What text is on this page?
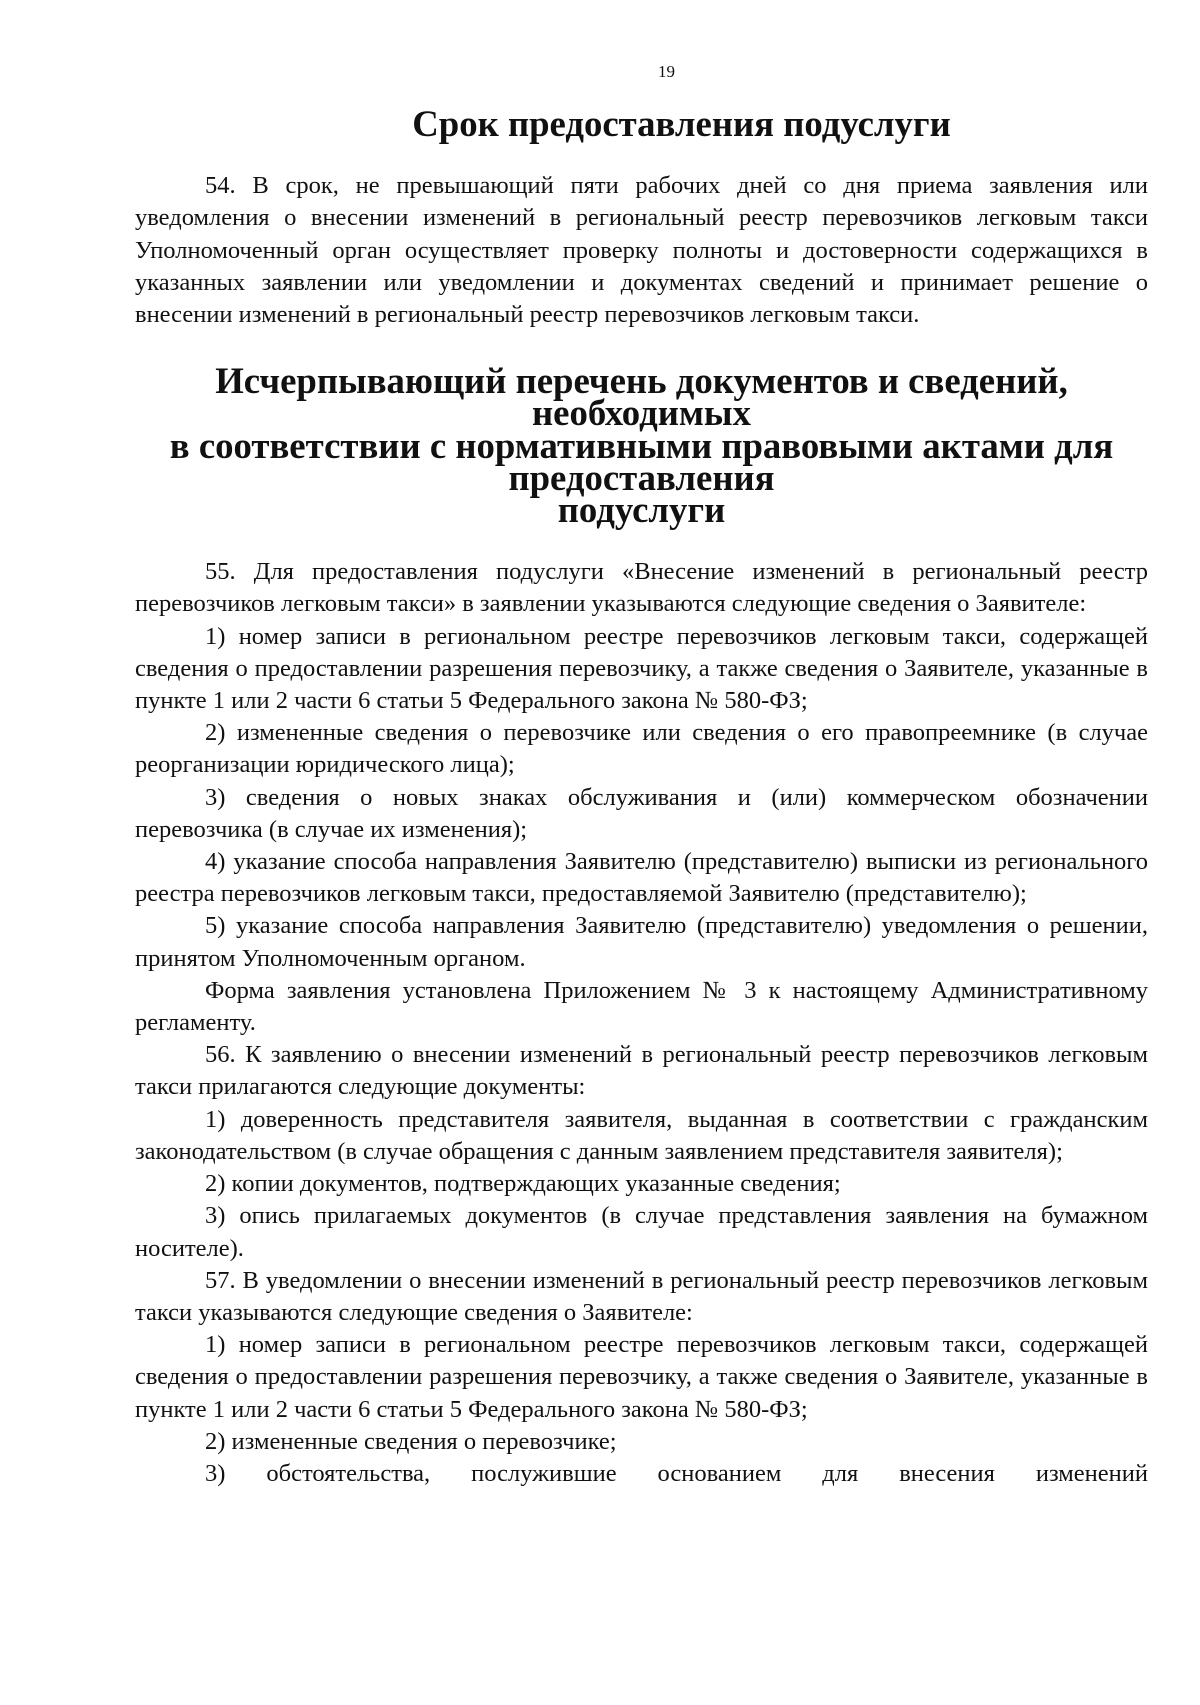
19
Срок предоставления подуслуги

54. В срок, не превышающий пяти рабочих дней со дня приема заявления или уведомления о внесении изменений в региональный реестр перевозчиков легковым такси Уполномоченный орган осуществляет проверку полноты и достоверности содержащихся в указанных заявлении или уведомлении и документах сведений и принимает решение о внесении изменений в региональный реестр перевозчиков легковым такси.

Исчерпывающий перечень документов и сведений, необходимых
в соответствии с нормативными правовыми актами для предоставления
подуслуги

55. Для предоставления подуслуги «Внесение изменений в региональный реестр перевозчиков легковым такси» в заявлении указываются следующие сведения о Заявителе:

1) номер записи в региональном реестре перевозчиков легковым такси, содержащей сведения о предоставлении разрешения перевозчику, а также сведения о Заявителе, указанные в пункте 1 или 2 части 6 статьи 5 Федерального закона № 580-ФЗ;

2) измененные сведения о перевозчике или сведения о его правопреемнике (в случае реорганизации юридического лица);

3) сведения о новых знаках обслуживания и (или) коммерческом обозначении перевозчика (в случае их изменения);

4) указание способа направления Заявителю (представителю) выписки из регионального реестра перевозчиков легковым такси, предоставляемой Заявителю (представителю);

5) указание способа направления Заявителю (представителю) уведомления о решении, принятом Уполномоченным органом.

Форма заявления установлена Приложением № 3 к настоящему Административному регламенту.

56. К заявлению о внесении изменений в региональный реестр перевозчиков легковым такси прилагаются следующие документы:

1) доверенность представителя заявителя, выданная в соответствии с гражданским законодательством (в случае обращения с данным заявлением представителя заявителя);

2) копии документов, подтверждающих указанные сведения;

3) опись прилагаемых документов (в случае представления заявления на бумажном носителе).

57. В уведомлении о внесении изменений в региональный реестр перевозчиков легковым такси указываются следующие сведения о Заявителе:

1) номер записи в региональном реестре перевозчиков легковым такси, содержащей сведения о предоставлении разрешения перевозчику, а также сведения о Заявителе, указанные в пункте 1 или 2 части 6 статьи 5 Федерального закона № 580-ФЗ;

2) измененные сведения о перевозчике;

3) обстоятельства, послужившие основанием для внесения изменений
